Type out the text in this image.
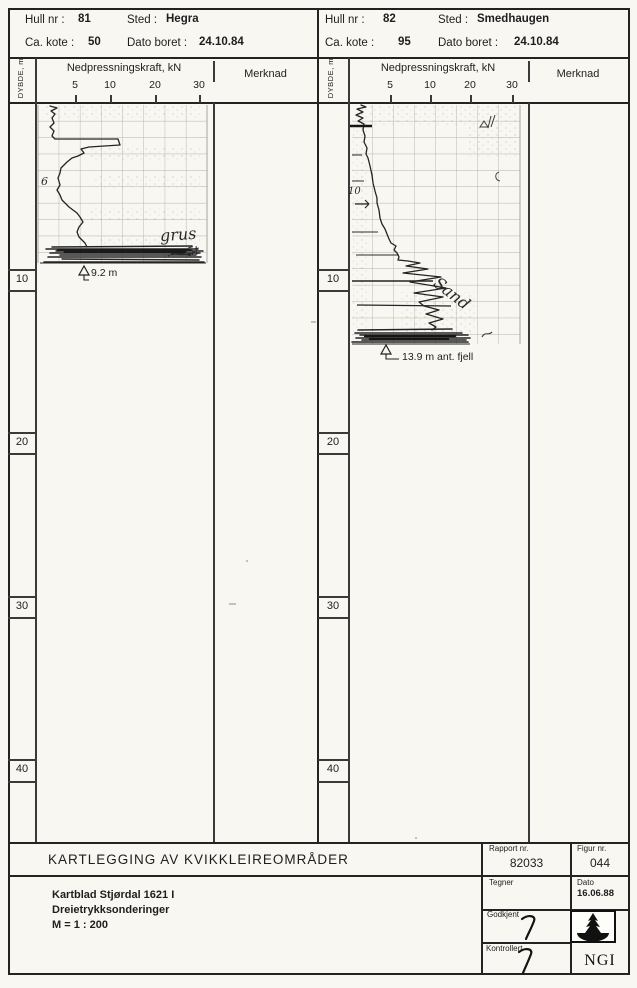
Hull nr : 81	Sted : Hegra
Ca. kote : 50 Dato boret : 24.10.84
DYBDE, m	Nedpressningskraft, kN	Merknad
5	10	20	30
10
20
30
40
6
grus
5t
9.2 m
Hull nr : 82	Sted : Smedhaugen
Ca. kote : 95 Dato boret : 24.10.84
DYBDE, m	Nedpressningskraft, kN	Merknad
5	10	20	30
10
20
30
40
10
Sand
13.9 m ant. fjell
KARTLEGGING AV KVIKKLEIREOMRÅDER
Rapport nr.
82033
Figur nr.
044
Tegner	Dato
16.06.88
Godkjent
Kontrollert
Kartblad Stjørdal 1621 I
Dreietrykksonderinger
M = 1 : 200
NGI
